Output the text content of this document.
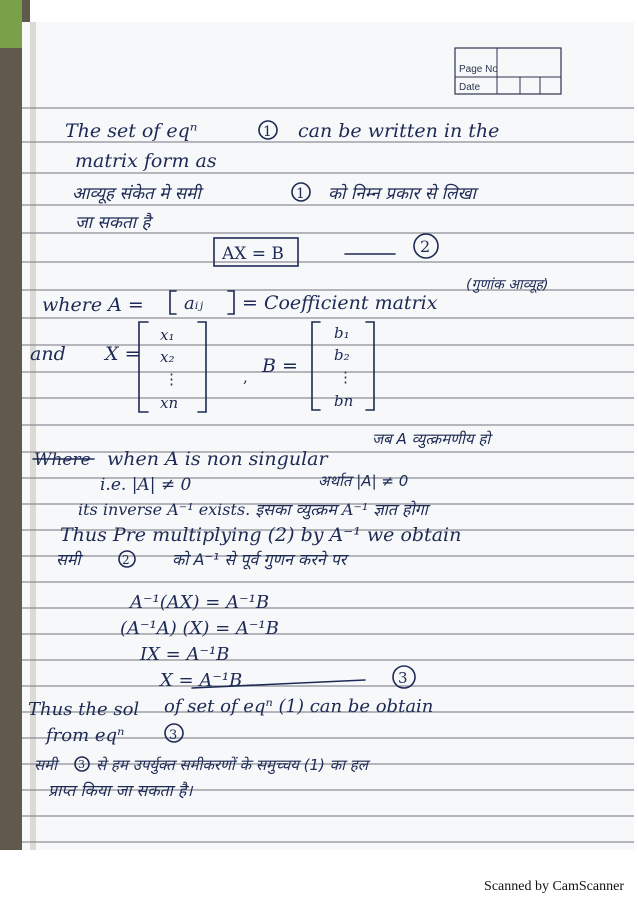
Page No
Date
The set of eqⁿ	1 can be written in the
matrix form as
आव्यूह संकेत मे समी	1 को निम्न प्रकार से लिखा
जा सकता है
AX = B	2
where A = aᵢⱼ = Coefficient matrix
(गुणांक आव्यूह)
and X =
x₁
x₂
⋮
xn
, B =
b₁
b₂
⋮
bn
Where when A is non singular
जब A व्युत्क्रमणीय हो
i.e. |A| ≠ 0	अर्थात |A| ≠ 0
its inverse A⁻¹ exists. इसका व्युत्क्रम A⁻¹ ज्ञात होगा
Thus Pre multiplying (2) by A⁻¹ we obtain
समी	2	को A⁻¹ से पूर्व गुणन करने पर
A⁻¹(AX) = A⁻¹B
(A⁻¹A) (X) = A⁻¹B
IX = A⁻¹B
X = A⁻¹B	3
Thus the sol of set of eqⁿ (1) can be obtain
from eqⁿ	3
समी 3 से हम उपर्युक्त समीकरणों के समुच्चय (1) का हल
प्राप्त किया जा सकता है।
Scanned by CamScanner
